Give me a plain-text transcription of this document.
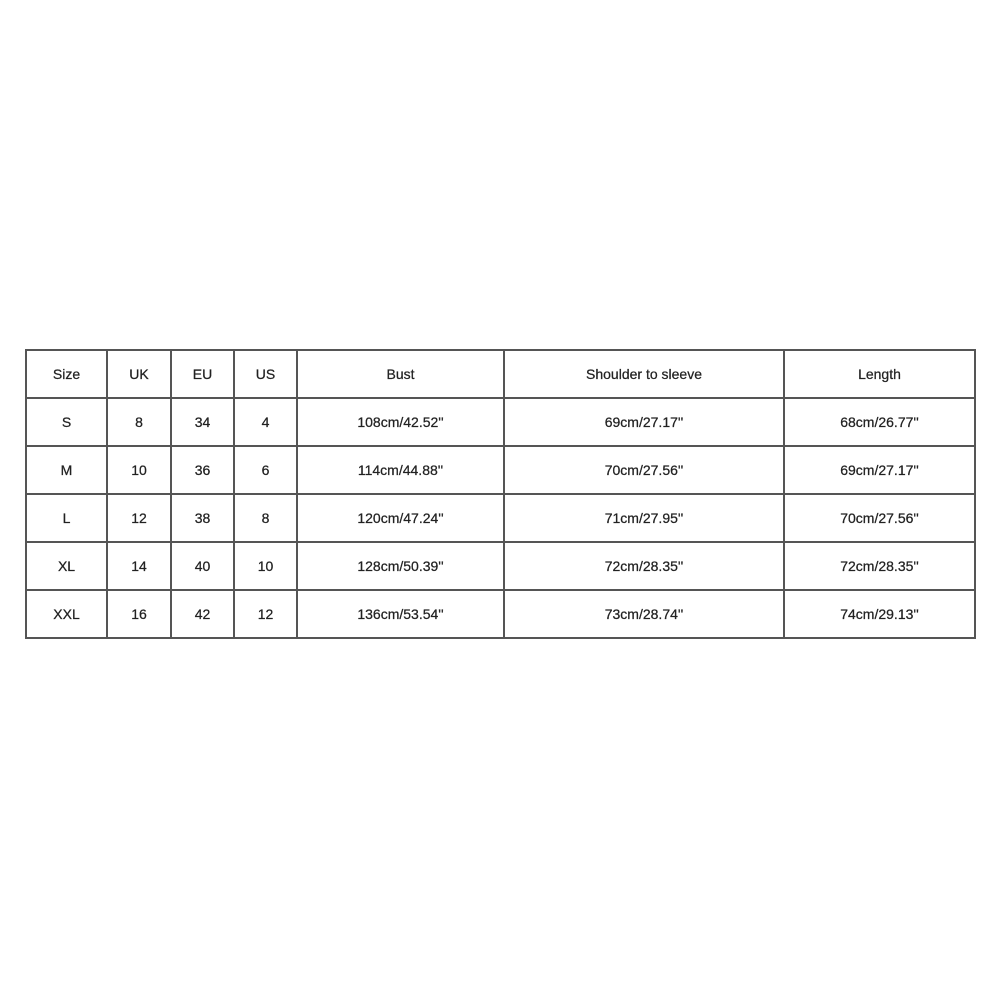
Size	UK	EU	US	Bust	Shoulder to sleeve	Length
S	8	34	4	108cm/42.52''	69cm/27.17''	68cm/26.77''
M	10	36	6	114cm/44.88''	70cm/27.56''	69cm/27.17''
L	12	38	8	120cm/47.24''	71cm/27.95''	70cm/27.56''
XL	14	40	10	128cm/50.39''	72cm/28.35''	72cm/28.35''
XXL	16	42	12	136cm/53.54''	73cm/28.74''	74cm/29.13''
